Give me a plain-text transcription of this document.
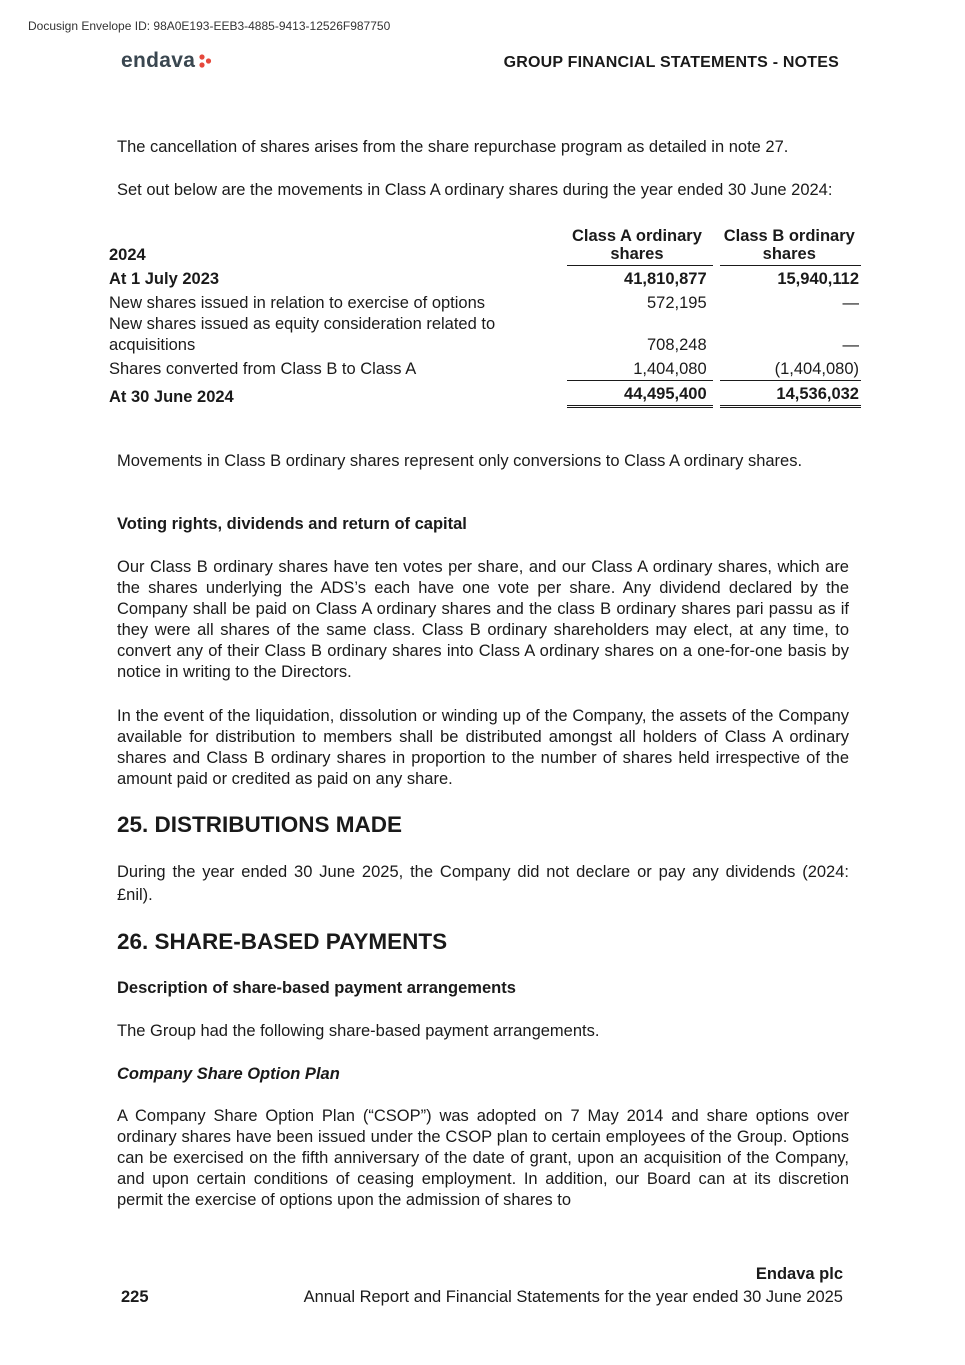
Docusign Envelope ID: 98A0E193-EEB3-4885-9413-12526F987750
endava	GROUP FINANCIAL STATEMENTS - NOTES

The cancellation of shares arises from the share repurchase program as detailed in note 27.

Set out below are the movements in Class A ordinary shares during the year ended 30 June 2024:

2024	Class A ordinary shares		Class B ordinary shares
At 1 July 2023	41,810,877		15,940,112
New shares issued in relation to exercise of options	572,195		—
New shares issued as equity consideration related to acquisitions	708,248		—
Shares converted from Class B to Class A	1,404,080		(1,404,080)
At 30 June 2024	44,495,400		14,536,032

Movements in Class B ordinary shares represent only conversions to Class A ordinary shares.

Voting rights, dividends and return of capital

Our Class B ordinary shares have ten votes per share, and our Class A ordinary shares, which are the shares underlying the ADS’s each have one vote per share. Any dividend declared by the Company shall be paid on Class A ordinary shares and the class B ordinary shares pari passu as if they were all shares of the same class. Class B ordinary shareholders may elect, at any time, to convert any of their Class B ordinary shares into Class A ordinary shares on a one-for-one basis by notice in writing to the Directors.

In the event of the liquidation, dissolution or winding up of the Company, the assets of the Company available for distribution to members shall be distributed amongst all holders of Class A ordinary shares and Class B ordinary shares in proportion to the number of shares held irrespective of the amount paid or credited as paid on any share.

25. DISTRIBUTIONS MADE

During the year ended 30 June 2025, the Company did not declare or pay any dividends (2024: £nil).

26. SHARE-BASED PAYMENTS

Description of share-based payment arrangements

The Group had the following share-based payment arrangements.

Company Share Option Plan

A Company Share Option Plan (“CSOP”) was adopted on 7 May 2014 and share options over ordinary shares have been issued under the CSOP plan to certain employees of the Group. Options can be exercised on the fifth anniversary of the date of grant, upon an acquisition of the Company, and upon certain conditions of ceasing employment. In addition, our Board can at its discretion permit the exercise of options upon the admission of shares to

Endava plc
225	Annual Report and Financial Statements for the year ended 30 June 2025
